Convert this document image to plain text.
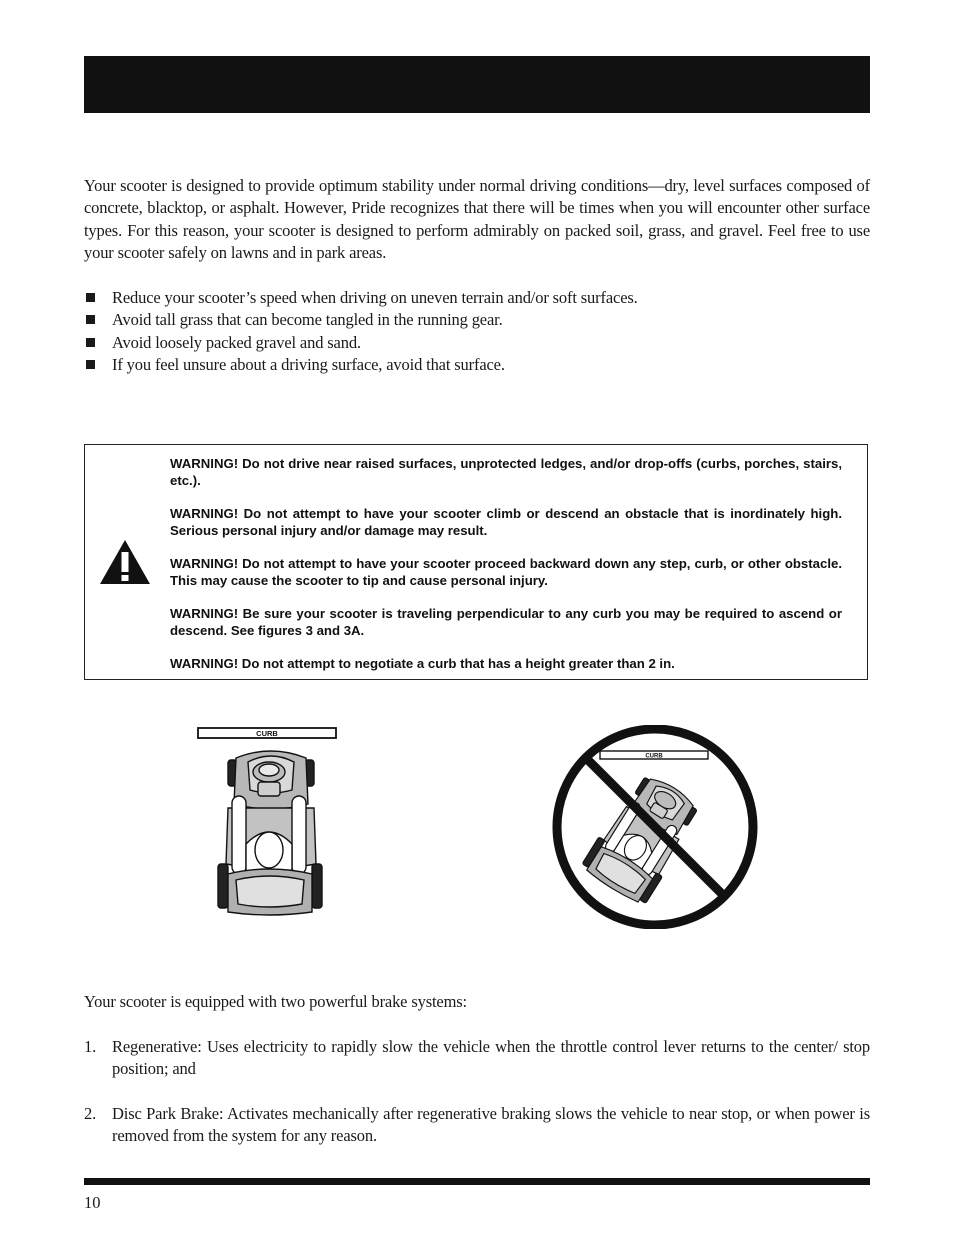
Your scooter is designed to provide optimum stability under normal driving conditions—dry, level surfaces composed of concrete, blacktop, or asphalt. However, Pride recognizes that there will be times when you will encounter other surface types. For this reason, your scooter is designed to perform admirably on packed soil, grass, and gravel. Feel free to use your scooter safely on lawns and in park areas.
Reduce your scooter’s speed when driving on uneven terrain and/or soft surfaces.
Avoid tall grass that can become tangled in the running gear.
Avoid loosely packed gravel and sand.
If you feel unsure about a driving surface, avoid that surface.

WARNING! Do not drive near raised surfaces, unprotected ledges, and/or drop-offs (curbs, porches, stairs, etc.).

WARNING! Do not attempt to have your scooter climb or descend an obstacle that is inordinately high. Serious personal injury and/or damage may result.

WARNING! Do not attempt to have your scooter proceed backward down any step, curb, or other obstacle. This may cause the scooter to tip and cause personal injury.

WARNING! Be sure your scooter is traveling perpendicular to any curb you may be required to ascend or descend. See figures 3 and 3A.

WARNING! Do not attempt to negotiate a curb that has a height greater than 2 in.

CURB
CURB
Your scooter is equipped with two powerful brake systems:
1. Regenerative: Uses electricity to rapidly slow the vehicle when the throttle control lever returns to the center/ stop position; and
2. Disc Park Brake: Activates mechanically after regenerative braking slows the vehicle to near stop, or when power is removed from the system for any reason.
10
